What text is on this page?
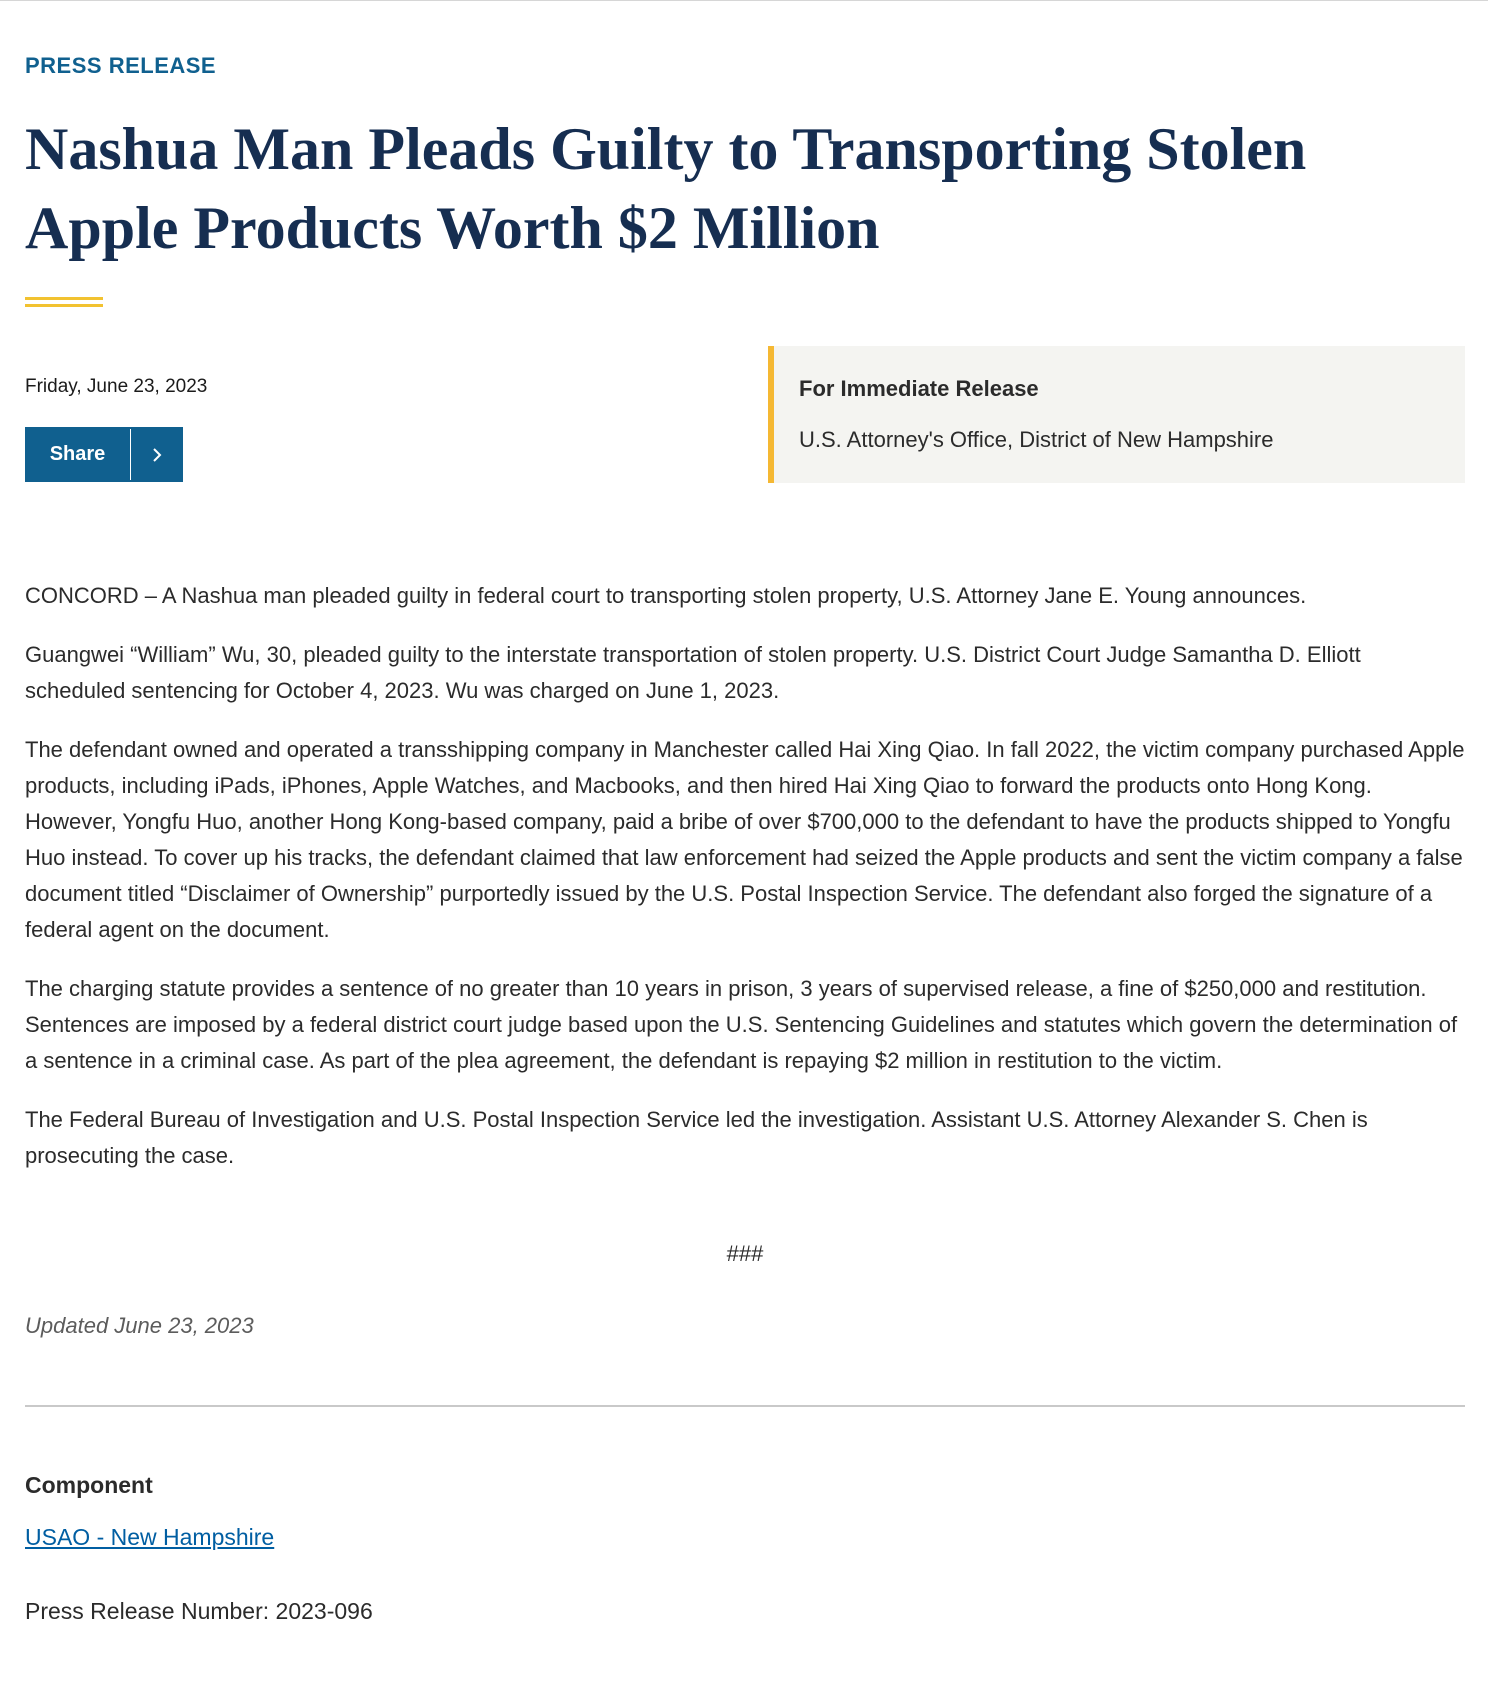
PRESS RELEASE
Nashua Man Pleads Guilty to Transporting Stolen Apple Products Worth $2 Million
Friday, June 23, 2023
Share
For Immediate Release
U.S. Attorney's Office, District of New Hampshire

CONCORD – A Nashua man pleaded guilty in federal court to transporting stolen property, U.S. Attorney Jane E. Young announces.

Guangwei “William” Wu, 30, pleaded guilty to the interstate transportation of stolen property. U.S. District Court Judge Samantha D. Elliott scheduled sentencing for October 4, 2023. Wu was charged on June 1, 2023.

The defendant owned and operated a transshipping company in Manchester called Hai Xing Qiao. In fall 2022, the victim company purchased Apple products, including iPads, iPhones, Apple Watches, and Macbooks, and then hired Hai Xing Qiao to forward the products onto Hong Kong. However, Yongfu Huo, another Hong Kong-based company, paid a bribe of over $700,000 to the defendant to have the products shipped to Yongfu Huo instead. To cover up his tracks, the defendant claimed that law enforcement had seized the Apple products and sent the victim company a false document titled “Disclaimer of Ownership” purportedly issued by the U.S. Postal Inspection Service. The defendant also forged the signature of a federal agent on the document.

The charging statute provides a sentence of no greater than 10 years in prison, 3 years of supervised release, a fine of $250,000 and restitution. Sentences are imposed by a federal district court judge based upon the U.S. Sentencing Guidelines and statutes which govern the determination of a sentence in a criminal case. As part of the plea agreement, the defendant is repaying $2 million in restitution to the victim.

The Federal Bureau of Investigation and U.S. Postal Inspection Service led the investigation. Assistant U.S. Attorney Alexander S. Chen is prosecuting the case.

###
Updated June 23, 2023
Component
USAO - New Hampshire
Press Release Number: 2023-096
